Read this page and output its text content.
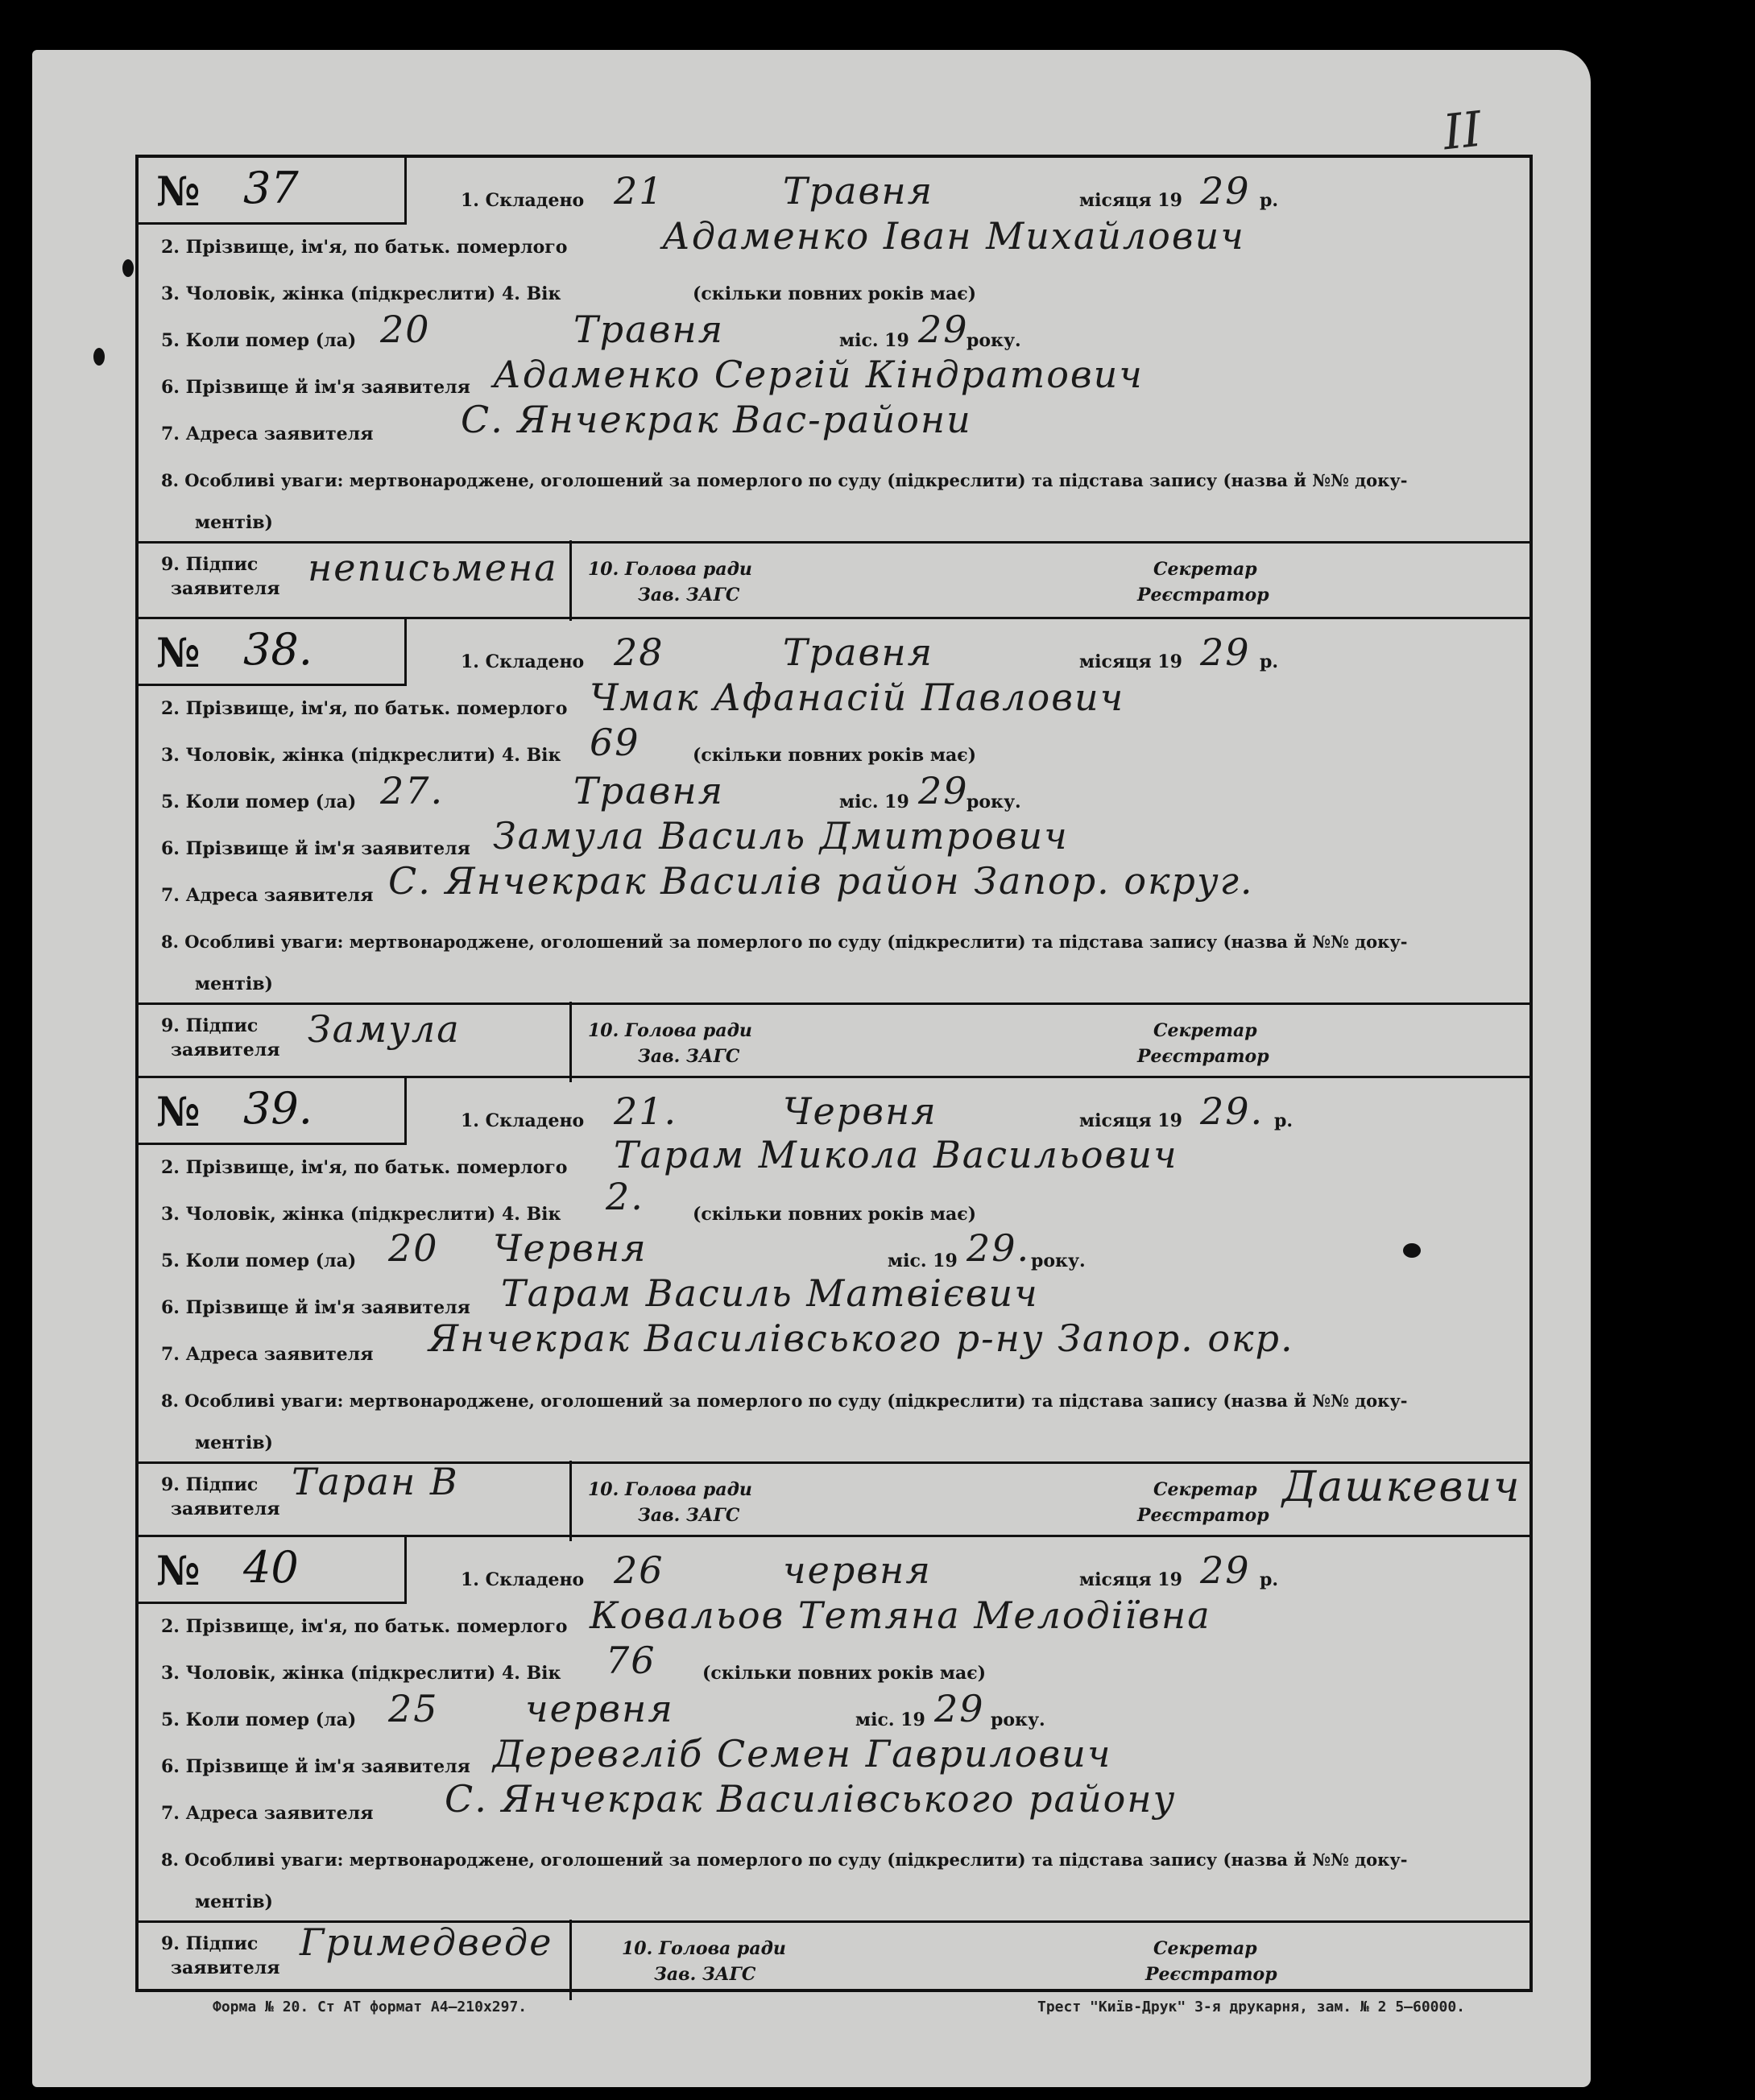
II
№ 37	1. Складено 21	Травня	місяця 19 29 р.
2. Прізвище, ім'я, по батьк. померлого	Адаменко Іван Михайлович
3. Чоловік, жінка (підкреслити) 4. Вік	(скільки повних років має)
5. Коли помер (ла) 20	Травня	міс. 19 29
року.
6. Прізвище й ім'я заявителя Адаменко Сергій Кіндратович
7. Адреса заявителя С. Янчекрак Вас-райони
8. Особливі уваги: мертвонароджене, оголошений за померлого по суду (підкреслити) та підстава запису (назва й №№ доку-
ментів)
9. Підпис
заявителя неписьмена 10. Голова ради
Зав. ЗАГС
Секретар
Реєстратор
№ 38.	1. Складено 28	Травня	місяця 19 29 р.
2. Прізвище, ім'я, по батьк. померлого Чмак Афанасій Павлович
3. Чоловік, жінка (підкреслити) 4. Вік 69	(скільки повних років має)
5. Коли помер (ла) 27.	Травня	міс. 19 29
року.
6. Прізвище й ім'я заявителя Замула Василь Дмитрович
7. Адреса заявителя С. Янчекрак Василів район Запор. округ.
8. Особливі уваги: мертвонароджене, оголошений за померлого по суду (підкреслити) та підстава запису (назва й №№ доку-
ментів)
9. Підпис
заявителя Замула	10. Голова ради
Зав. ЗАГС
Секретар
Реєстратор
№ 39.	1. Складено 21.	Червня	місяця 19 29. р.
2. Прізвище, ім'я, по батьк. померлого Тарам Микола Васильович
3. Чоловік, жінка (підкреслити) 4. Вік 2.	(скільки повних років має)
5. Коли помер (ла) 20 Червня	міс. 19 29. року.
6. Прізвище й ім'я заявителя Тарам Василь Матвієвич
7. Адреса заявителя Янчекрак Василівського р-ну Запор. окр.
8. Особливі уваги: мертвонароджене, оголошений за померлого по суду (підкреслити) та підстава запису (назва й №№ доку-
ментів)
9. Підпис
заявителя
Таран В	10. Голова ради
Зав. ЗАГС
Секретар
Реєстратор
Дашкевич
№ 40	1. Складено 26	червня	місяця 19 29 р.
2. Прізвище, ім'я, по батьк. померлого Ковальов Тетяна Мелодіївна
3. Чоловік, жінка (підкреслити) 4. Вік 76	(скільки повних років має)
5. Коли помер (ла) 25 червня	міс. 19 29 року.
6. Прізвище й ім'я заявителя Деревгліб Семен Гаврилович
7. Адреса заявителя С. Янчекрак Василівського району
8. Особливі уваги: мертвонароджене, оголошений за померлого по суду (підкреслити) та підстава запису (назва й №№ доку-
ментів)
9. Підпис
заявителя
Гримедведе	10. Голова ради
Зав. ЗАГС
Секретар
Реєстратор
Форма № 20. Ст АТ формат А4—210х297.	Трест "Київ-Друк" 3-я друкарня, зам. № 2 5—60000.
